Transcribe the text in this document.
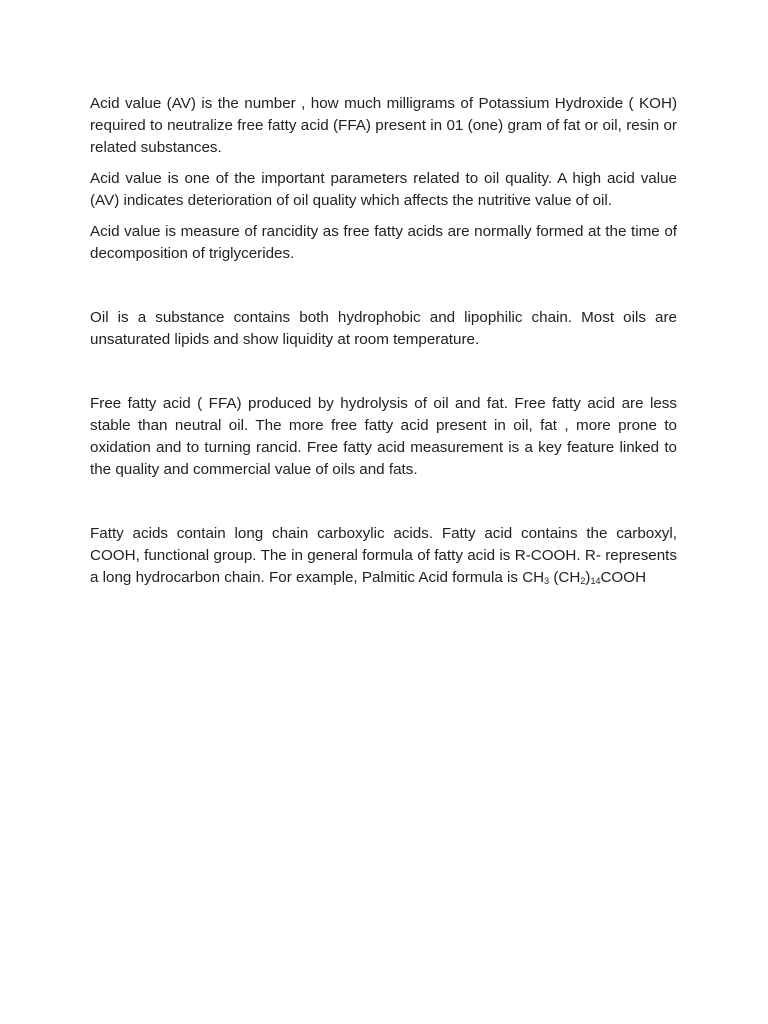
Acid value (AV) is the number , how much milligrams of Potassium Hydroxide ( KOH) required to neutralize free fatty acid (FFA) present in 01 (one) gram of fat or oil, resin or related substances.

Acid value is one of the important parameters related to oil quality. A high acid value (AV) indicates deterioration of oil quality which affects the nutritive value of oil.

Acid value is measure of rancidity as free fatty acids are normally formed at the time of decomposition of triglycerides.

Oil is a substance contains both hydrophobic and lipophilic chain. Most oils are unsaturated lipids and show liquidity at room temperature.

Free fatty acid ( FFA) produced by hydrolysis of oil and fat. Free fatty acid are less stable than neutral oil. The more free fatty acid present in oil, fat , more prone to oxidation and to turning rancid. Free fatty acid measurement is a key feature linked to the quality and commercial value of oils and fats.

Fatty acids contain long chain carboxylic acids. Fatty acid contains the carboxyl, COOH, functional group. The in general formula of fatty acid is R-COOH. R- represents a long hydrocarbon chain. For example, Palmitic Acid formula is $CH_3$ $(CH_2)_{14}COOH$
